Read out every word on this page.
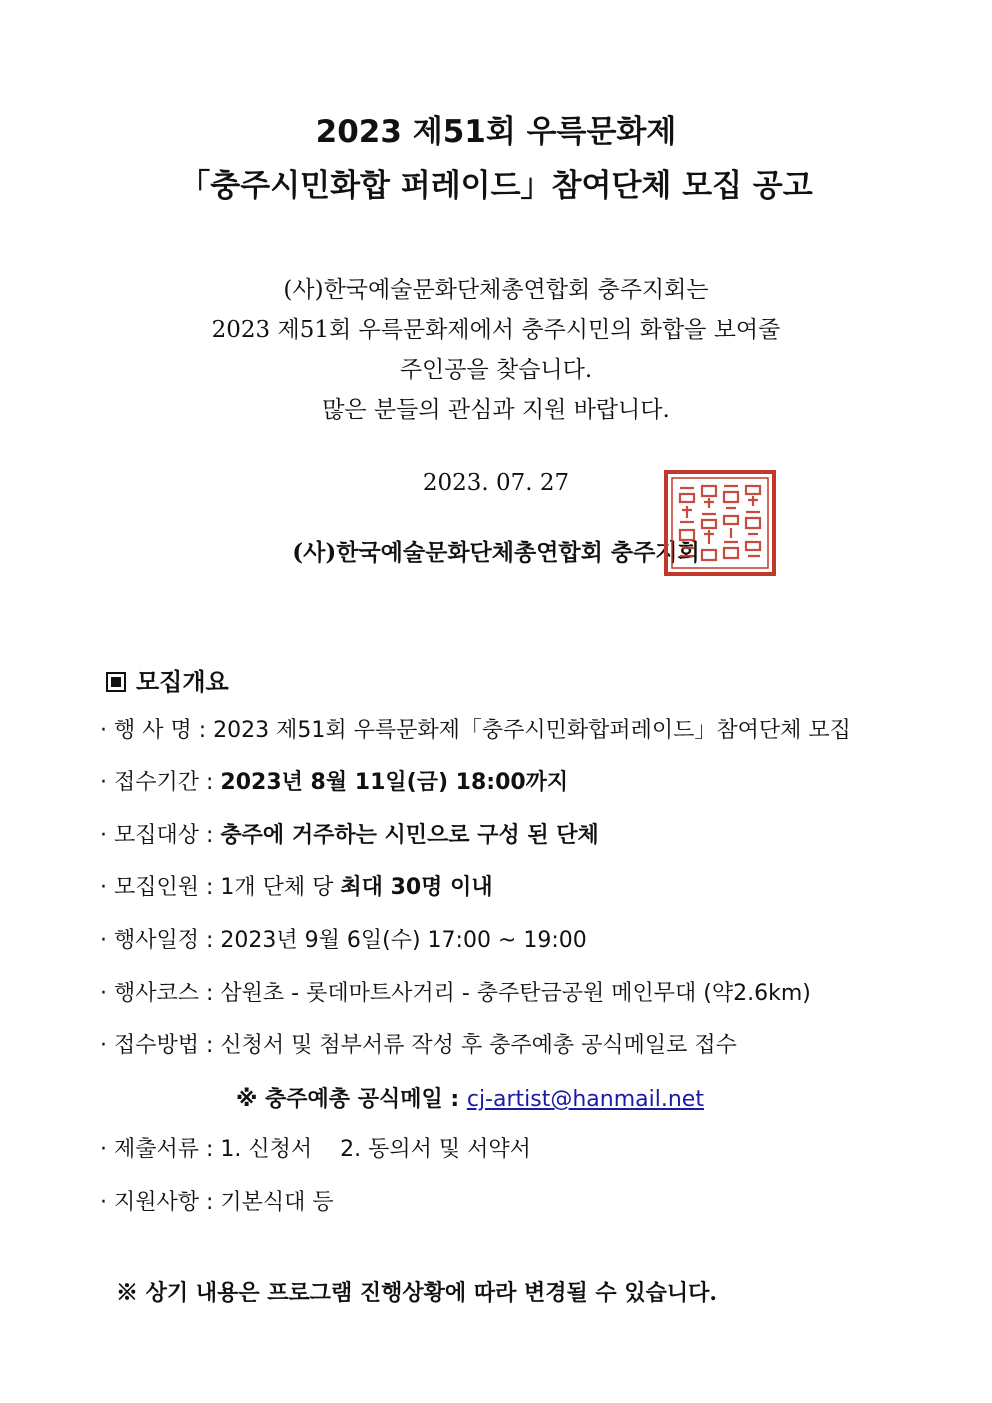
2023 제51회 우륵문화제
「충주시민화합 퍼레이드」참여단체 모집 공고
(사)한국예술문화단체총연합회 충주지회는
2023 제51회 우륵문화제에서 충주시민의 화합을 보여줄
주인공을 찾습니다.
많은 분들의 관심과 지원 바랍니다.
2023. 07. 27
(사)한국예술문화단체총연합회 충주지회
모집개요
· 행 사 명 : 2023 제51회 우륵문화제「충주시민화합퍼레이드」참여단체 모집
· 접수기간 : 2023년 8월 11일(금) 18:00까지
· 모집대상 : 충주에 거주하는 시민으로 구성 된 단체
· 모집인원 : 1개 단체 당 최대 30명 이내
· 행사일정 : 2023년 9월 6일(수) 17:00 ~ 19:00
· 행사코스 : 삼원초 - 롯데마트사거리 - 충주탄금공원 메인무대 (약2.6km)
· 접수방법 : 신청서 및 첨부서류 작성 후 충주예총 공식메일로 접수
※ 충주예총 공식메일 : cj-artist@hanmail.net
· 제출서류 : 1. 신청서    2. 동의서 및 서약서
· 지원사항 : 기본식대 등
※ 상기 내용은 프로그램 진행상황에 따라 변경될 수 있습니다.
